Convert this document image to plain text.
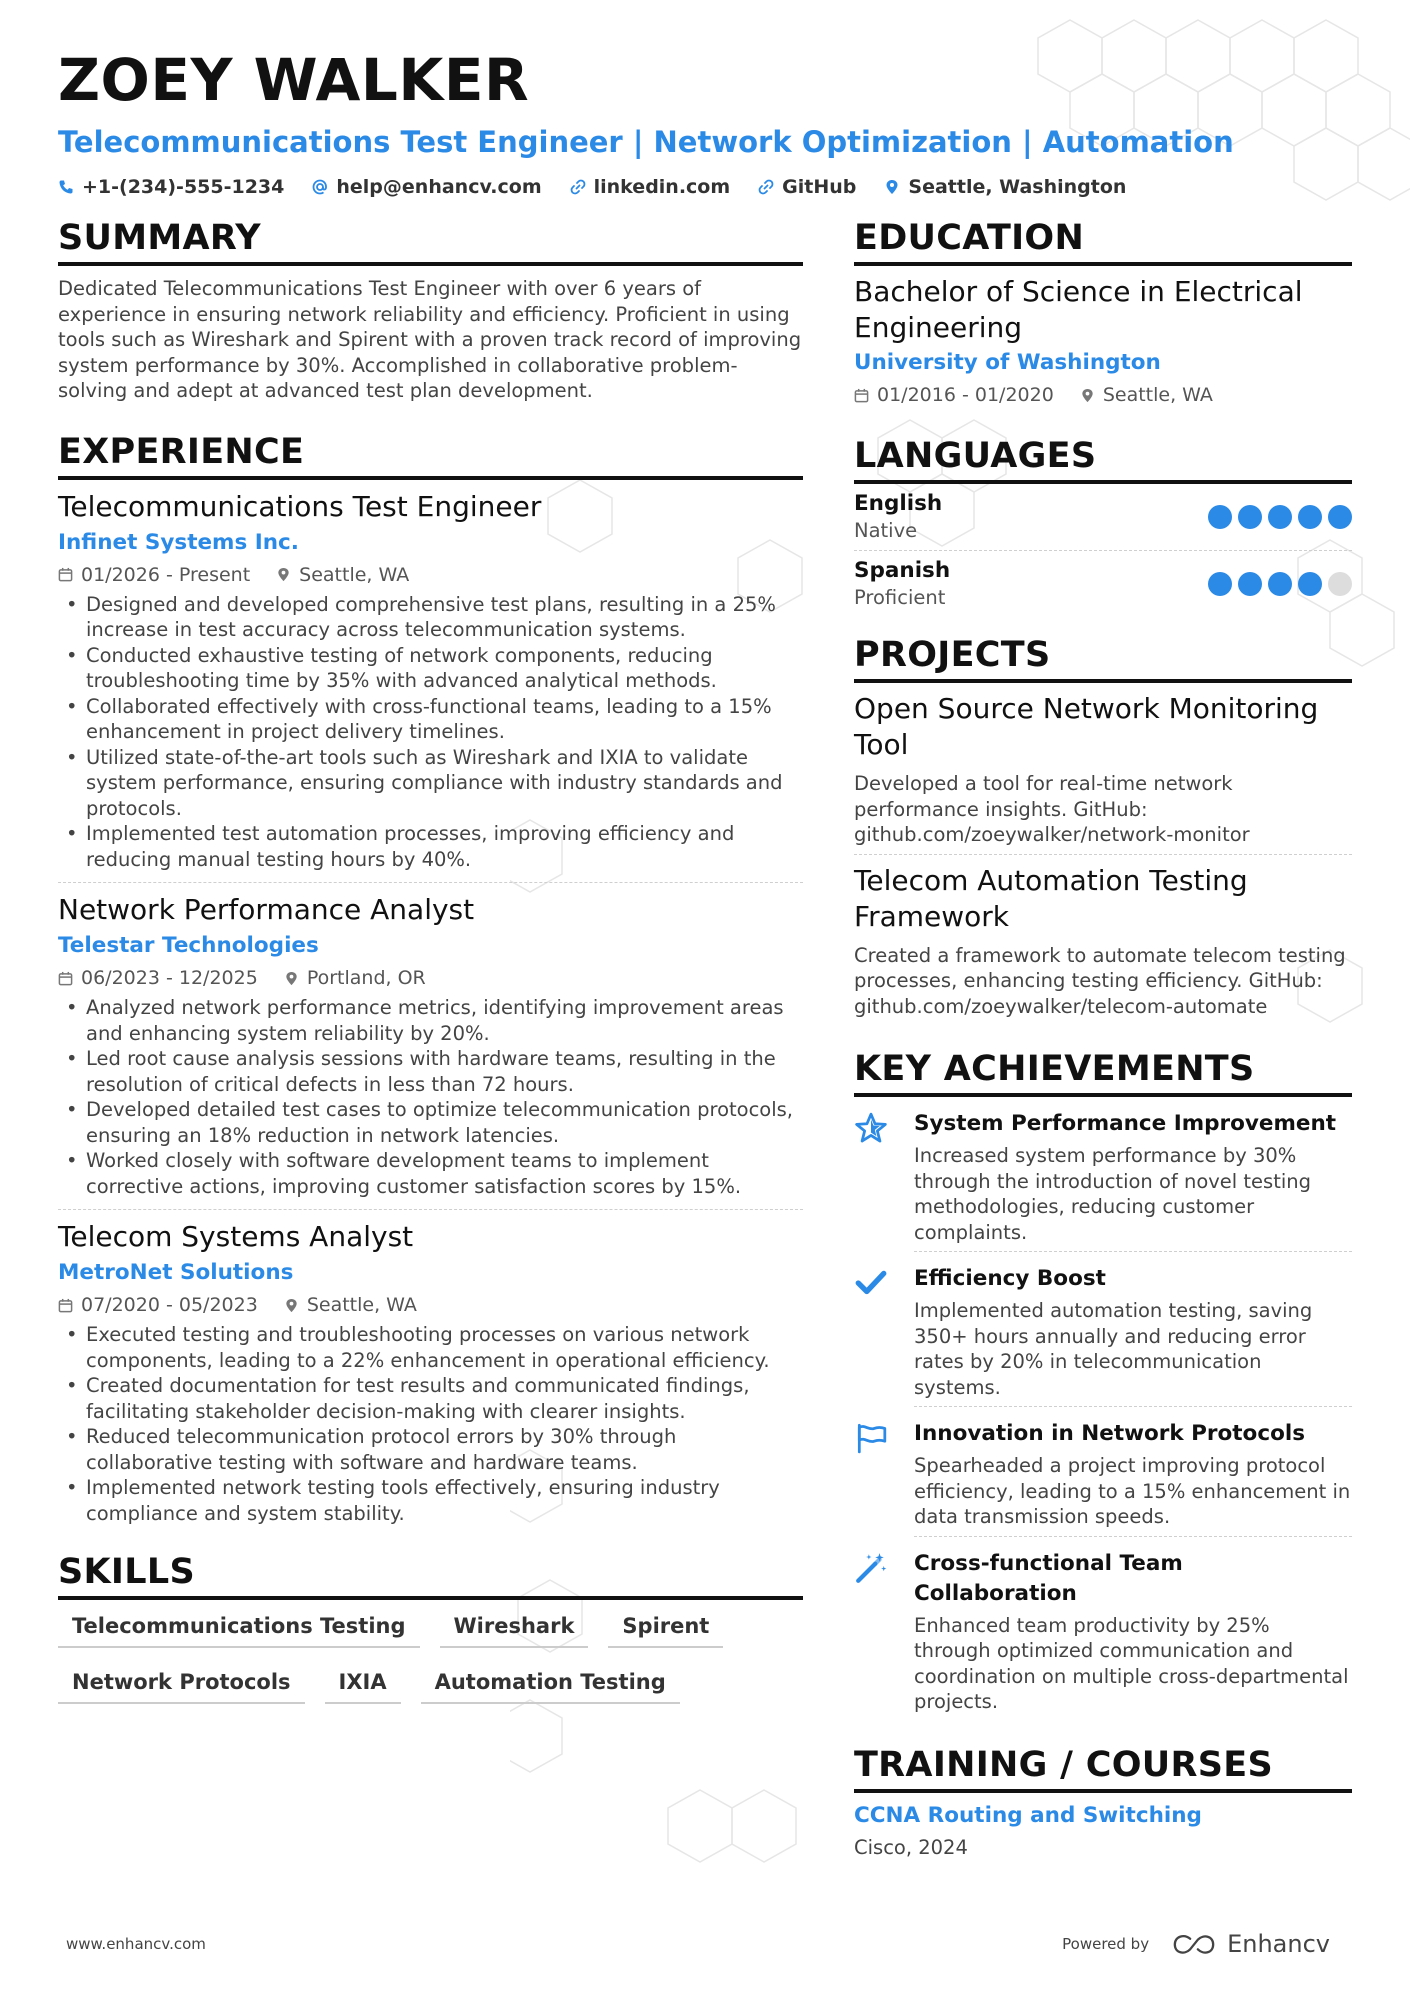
ZOEY WALKER
Telecommunications Test Engineer | Network Optimization | Automation
+1-(234)-555-1234	help@enhancv.com	linkedin.com	GitHub	Seattle, Washington
SUMMARY
Dedicated Telecommunications Test Engineer with over 6 years of experience in ensuring network reliability and efficiency. Proficient in using tools such as Wireshark and Spirent with a proven track record of improving system performance by 30%. Accomplished in collaborative problem-solving and adept at advanced test plan development.
EXPERIENCE
Telecommunications Test Engineer
Infinet Systems Inc.
01/2026 - Present	Seattle, WA
• Designed and developed comprehensive test plans, resulting in a 25% increase in test accuracy across telecommunication systems.
• Conducted exhaustive testing of network components, reducing troubleshooting time by 35% with advanced analytical methods.
• Collaborated effectively with cross-functional teams, leading to a 15% enhancement in project delivery timelines.
• Utilized state-of-the-art tools such as Wireshark and IXIA to validate system performance, ensuring compliance with industry standards and protocols.
• Implemented test automation processes, improving efficiency and reducing manual testing hours by 40%.
Network Performance Analyst
Telestar Technologies
06/2023 - 12/2025	Portland, OR
• Analyzed network performance metrics, identifying improvement areas and enhancing system reliability by 20%.
• Led root cause analysis sessions with hardware teams, resulting in the resolution of critical defects in less than 72 hours.
• Developed detailed test cases to optimize telecommunication protocols, ensuring an 18% reduction in network latencies.
• Worked closely with software development teams to implement corrective actions, improving customer satisfaction scores by 15%.
Telecom Systems Analyst
MetroNet Solutions
07/2020 - 05/2023	Seattle, WA
• Executed testing and troubleshooting processes on various network components, leading to a 22% enhancement in operational efficiency.
• Created documentation for test results and communicated findings, facilitating stakeholder decision-making with clearer insights.
• Reduced telecommunication protocol errors by 30% through collaborative testing with software and hardware teams.
• Implemented network testing tools effectively, ensuring industry compliance and system stability.
SKILLS
Telecommunications Testing	Wireshark	Spirent
Network Protocols	IXIA	Automation Testing
EDUCATION
Bachelor of Science in Electrical Engineering
University of Washington
01/2016 - 01/2020	Seattle, WA
LANGUAGES
English
Native
Spanish
Proficient
PROJECTS
Open Source Network Monitoring Tool
Developed a tool for real-time network performance insights. GitHub: github.com/zoeywalker/network-monitor
Telecom Automation Testing Framework
Created a framework to automate telecom testing processes, enhancing testing efficiency. GitHub: github.com/zoeywalker/telecom-automate
KEY ACHIEVEMENTS
System Performance Improvement
Increased system performance by 30% through the introduction of novel testing methodologies, reducing customer complaints.
Efficiency Boost
Implemented automation testing, saving 350+ hours annually and reducing error rates by 20% in telecommunication systems.
Innovation in Network Protocols
Spearheaded a project improving protocol efficiency, leading to a 15% enhancement in data transmission speeds.
Cross-functional Team Collaboration
Enhanced team productivity by 25% through optimized communication and coordination on multiple cross-departmental projects.
TRAINING / COURSES
CCNA Routing and Switching
Cisco, 2024
www.enhancv.com	Powered by	Enhancv
